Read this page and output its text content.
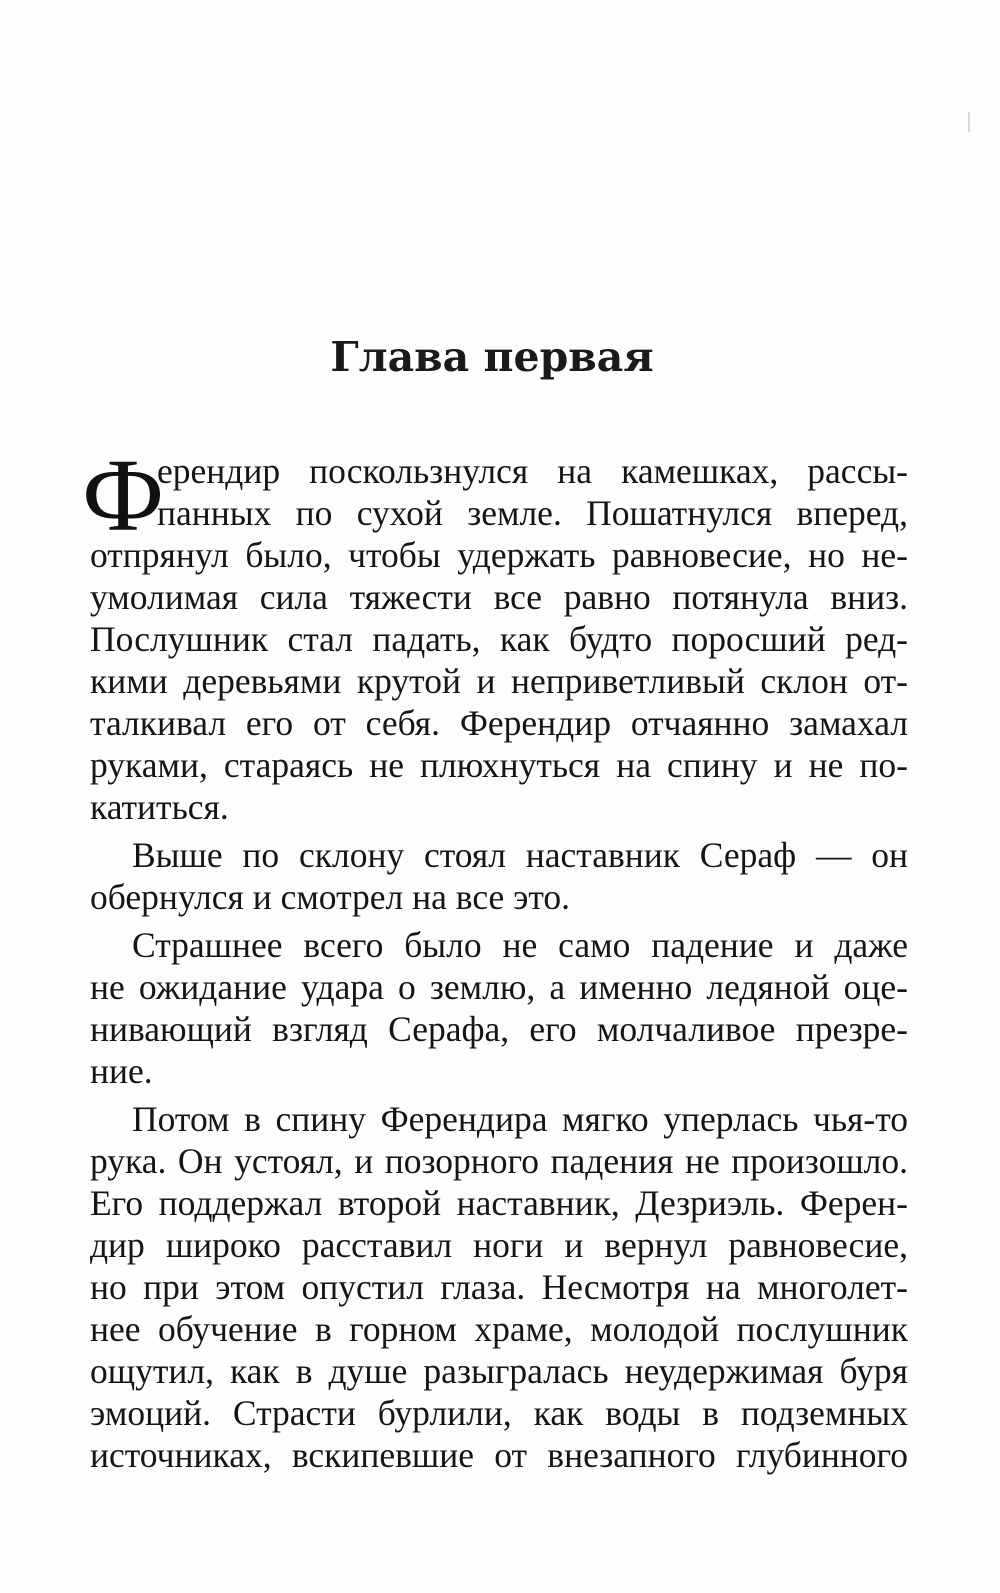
Глава первая
Ф
ерендир поскользнулся на камешках, рассы-
панных по сухой земле. Пошатнулся вперед,
отпрянул было, чтобы удержать равновесие, но не-
умолимая сила тяжести все равно потянула вниз.
Послушник стал падать, как будто поросший ред-
кими деревьями крутой и неприветливый склон от-
талкивал его от себя. Ферендир отчаянно замахал
руками, стараясь не плюхнуться на спину и не по-
катиться.
Выше по склону стоял наставник Сераф — он
обернулся и смотрел на все это.
Страшнее всего было не само падение и даже
не ожидание удара о землю, а именно ледяной оце-
нивающий взгляд Серафа, его молчаливое презре-
ние.
Потом в спину Ферендира мягко уперлась чья-то
рука. Он устоял, и позорного падения не произошло.
Его поддержал второй наставник, Дезриэль. Ферен-
дир широко расставил ноги и вернул равновесие,
но при этом опустил глаза. Несмотря на многолет-
нее обучение в горном храме, молодой послушник
ощутил, как в душе разыгралась неудержимая буря
эмоций. Страсти бурлили, как воды в подземных
источниках, вскипевшие от внезапного глубинного
